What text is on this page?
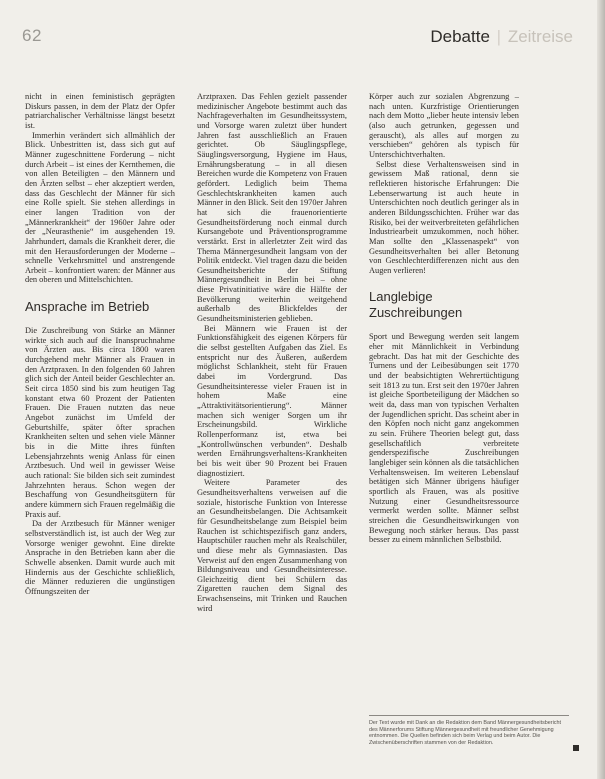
62	Debatte | Zeitreise

nicht in einen feministisch geprägten Diskurs passen, in dem der Platz der Opfer patriarchalischer Verhältnisse längst besetzt ist.

Immerhin verändert sich allmählich der Blick. Unbestritten ist, dass sich gut auf Männer zugeschnittene Forderung – nicht durch Arbeit – ist eines der Kernthemen, die von allen Beteiligten – den Männern und den Ärzten selbst – eher akzeptiert werden, dass das Geschlecht der Männer für sich eine Rolle spielt. Sie stehen allerdings in einer langen Tradition von der „Männerkrankheit“ der 1960er Jahre oder der „Neurasthenie“ im ausgehenden 19. Jahrhundert, damals die Krankheit derer, die mit den Herausforderungen der Moderne – schnelle Verkehrsmittel und anstrengende Arbeit – konfrontiert waren: der Männer aus den oberen und Mittelschichten.

Ansprache im Betrieb

Die Zuschreibung von Stärke an Männer wirkte sich auch auf die Inanspruchnahme von Ärzten aus. Bis circa 1800 waren durchgehend mehr Männer als Frauen in den Arztpraxen. In den folgenden 60 Jahren glich sich der Anteil beider Geschlechter an. Seit circa 1850 sind bis zum heutigen Tag konstant etwa 60 Prozent der Patienten Frauen. Die Frauen nutzten das neue Angebot zunächst im Umfeld der Geburtshilfe, später öfter sprachen Krankheiten selten und sehen viele Männer bis in die Mitte ihres fünften Lebensjahrzehnts wenig Anlass für einen Arztbesuch. Und weil in gewisser Weise auch rational: Sie bilden sich seit zumindest Jahrzehnten heraus. Schon wegen der Beschaffung von Gesundheitsgütern für andere kümmern sich Frauen regelmäßig die Praxis auf.

Da der Arztbesuch für Männer weniger selbstverständlich ist, ist auch der Weg zur Vorsorge weniger gewohnt. Eine direkte Ansprache in den Betrieben kann aber die Schwelle absenken. Damit wurde auch mit Hindernis aus der Geschichte schließlich, die Männer reduzieren die ungünstigen Öffnungszeiten der

Arztpraxen. Das Fehlen gezielt passender medizinischer Angebote bestimmt auch das Nachfrageverhalten im Gesundheitssystem, und Vorsorge waren zuletzt über hundert Jahren fast ausschließlich an Frauen gerichtet. Ob Säuglingspflege, Säuglingsversorgung, Hygiene im Haus, Ernährungsberatung – in all diesen Bereichen wurde die Kompetenz von Frauen gefördert. Lediglich beim Thema Geschlechtskrankheiten kamen auch Männer in den Blick. Seit den 1970er Jahren hat sich die frauenorientierte Gesundheitsförderung noch einmal durch Kursangebote und Präventionsprogramme verstärkt. Erst in allerletzter Zeit wird das Thema Männergesundheit langsam von der Politik entdeckt. Viel tragen dazu die beiden Gesundheitsberichte der Stiftung Männergesundheit in Berlin bei – ohne diese Privatinitiative wäre die Hälfte der Bevölkerung weiterhin weitgehend außerhalb des Blickfeldes der Gesundheitsministerien geblieben.

Bei Männern wie Frauen ist der Funktionsfähigkeit des eigenen Körpers für die selbst gestellten Aufgaben das Ziel. Es entspricht nur des Äußeren, außerdem möglichst Schlankheit, steht für Frauen dabei im Vordergrund. Das Gesundheitsinteresse vieler Frauen ist in hohem Maße eine „Attraktivitätsorientierung“. Männer machen sich weniger Sorgen um ihr Erscheinungsbild. Wirkliche Rollenperformanz ist, etwa bei „Kontrollwünschen verbunden“. Deshalb werden Ernährungsverhaltens-Krankheiten bei bis weit über 90 Prozent bei Frauen diagnostiziert.

Weitere Parameter des Gesundheitsverhaltens verweisen auf die soziale, historische Funktion von Interesse an Gesundheitsbelangen. Die Achtsamkeit für Gesundheitsbelange zum Beispiel beim Rauchen ist schichtspezifisch ganz anders, Hauptschüler rauchen mehr als Realschüler, und diese mehr als Gymnasiasten. Das Verweist auf den engen Zusammenhang von Bildungsniveau und Gesundheitsinteresse. Gleichzeitig dient bei Schülern das Zigaretten rauchen dem Signal des Erwachsenseins, mit Trinken und Rauchen wird

Körper auch zur sozialen Abgrenzung – nach unten. Kurzfristige Orientierungen nach dem Motto „lieber heute intensiv leben (also auch getrunken, gegessen und gerauscht), als alles auf morgen zu verschieben“ gehören als typisch für Unterschichtverhalten.

Selbst diese Verhaltensweisen sind in gewissem Maß rational, denn sie reflektieren historische Erfahrungen: Die Lebenserwartung ist auch heute in Unterschichten noch deutlich geringer als in anderen Bildungsschichten. Früher war das Risiko, bei der weitverbreiteten gefährlichen Industriearbeit umzukommen, noch höher. Man sollte den „Klassenaspekt“ von Gesundheitsverhalten bei aller Betonung von Geschlechterdifferenzen nicht aus den Augen verlieren!

Langlebige Zuschreibungen

Sport und Bewegung werden seit langem eher mit Männlichkeit in Verbindung gebracht. Das hat mit der Geschichte des Turnens und der Leibesübungen seit 1770 und der beabsichtigten Wehrertüchtigung seit 1813 zu tun. Erst seit den 1970er Jahren ist gleiche Sportbeteiligung der Mädchen so weit da, dass man von typischen Verhalten der Jugendlichen spricht. Das scheint aber in den Köpfen noch nicht ganz angekommen zu sein. Frühere Theorien belegt gut, dass gesellschaftlich verbreitete genderspezifische Zuschreibungen langlebiger sein können als die tatsächlichen Verhaltensweisen. Im weiteren Lebenslauf betätigen sich Männer übrigens häufiger sportlich als Frauen, was als positive Nutzung einer Gesundheitsressource vermerkt werden sollte. Männer selbst streichen die Gesundheitswirkungen von Bewegung noch stärker heraus. Das passt besser zu einem männlichen Selbstbild.

Der Text wurde mit Dank an die Redaktion dem Band Männergesundheitsbericht des Männerforums Stiftung Männergesundheit mit freundlicher Genehmigung entnommen. Die Quellen befinden sich beim Verlag und beim Autor. Die Zwischenüberschriften stammen von der Redaktion.
